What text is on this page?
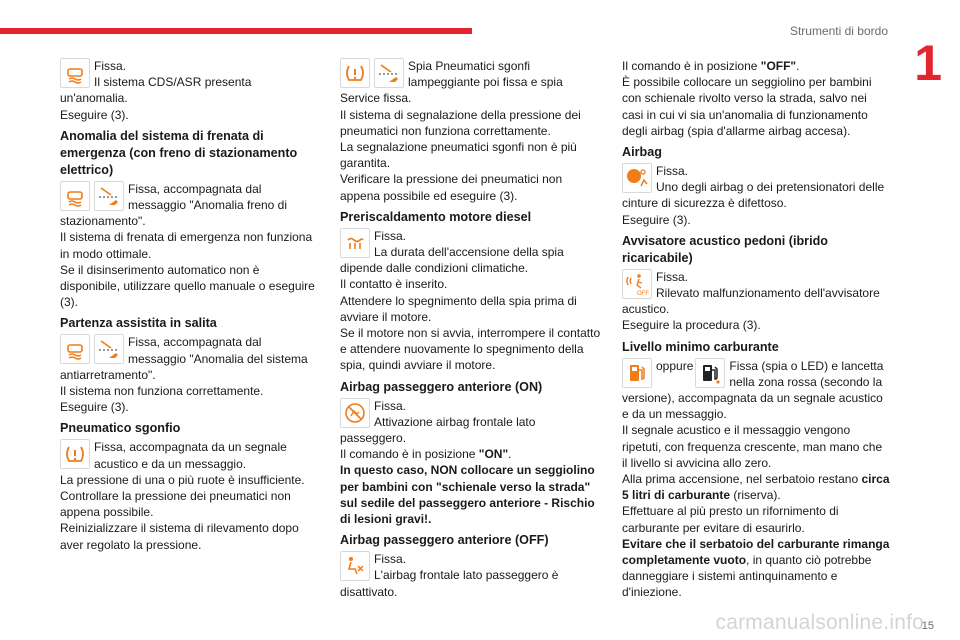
Strumenti di bordo
1

Fissa.

Il sistema CDS/ASR presenta

un'anomalia.

Eseguire (3).

Anomalia del sistema di frenata di emergenza (con freno di stazionamento elettrico)

Fissa, accompagnata dal messaggio "Anomalia freno di stazionamento".

Il sistema di frenata di emergenza non funziona in modo ottimale.

Se il disinserimento automatico non è disponibile, utilizzare quello manuale o eseguire (3).

Partenza assistita in salita

Fissa, accompagnata dal messaggio "Anomalia del sistema antiarretramento".

Il sistema non funziona correttamente.

Eseguire (3).

Pneumatico sgonfio

Fissa, accompagnata da un segnale acustico e da un messaggio.

La pressione di una o più ruote è insufficiente.

Controllare la pressione dei pneumatici non appena possibile.

Reinizializzare il sistema di rilevamento dopo aver regolato la pressione.

Spia Pneumatici sgonfi lampeggiante poi fissa e spia Service fissa.

Il sistema di segnalazione della pressione dei pneumatici non funziona correttamente.

La segnalazione pneumatici sgonfi non è più garantita.

Verificare la pressione dei pneumatici non appena possibile ed eseguire (3).

Preriscaldamento motore diesel

Fissa.

La durata dell'accensione della spia dipende dalle condizioni climatiche.

Il contatto è inserito.

Attendere lo spegnimento della spia prima di avviare il motore.

Se il motore non si avvia, interrompere il contatto e attendere nuovamente lo spegnimento della spia, quindi avviare il motore.

Airbag passeggero anteriore (ON)

Fissa.

Attivazione airbag frontale lato passeggero.

Il comando è in posizione "ON".

In questo caso, NON collocare un seggiolino per bambini con "schienale verso la strada" sul sedile del passeggero anteriore - Rischio di lesioni gravi!.

Airbag passeggero anteriore (OFF)

Fissa.

L'airbag frontale lato passeggero è disattivato.

Il comando è in posizione "OFF".

È possibile collocare un seggiolino per bambini con schienale rivolto verso la strada, salvo nei casi in cui vi sia un'anomalia di funzionamento degli airbag (spia d'allarme airbag accesa).

Airbag

Fissa.

Uno degli airbag o dei pretensionatori delle cinture di sicurezza è difettoso.

Eseguire (3).

Avvisatore acustico pedoni (ibrido ricaricabile)
OFF

Fissa.

Rilevato malfunzionamento dell'avvisatore acustico.

Eseguire la procedura (3).

Livello minimo carburante
oppure	Fissa (spia o LED) e lancetta nella zona rossa (secondo la versione), accompagnata da un segnale acustico e da un messaggio.

Il segnale acustico e il messaggio vengono ripetuti, con frequenza crescente, man mano che il livello si avvicina allo zero.

Alla prima accensione, nel serbatoio restano circa 5 litri di carburante (riserva).

Effettuare al più presto un rifornimento di carburante per evitare di esaurirlo.

Evitare che il serbatoio del carburante rimanga completamente vuoto, in quanto ciò potrebbe danneggiare i sistemi antinquinamento e d'iniezione.

carmanualsonline.info
15
